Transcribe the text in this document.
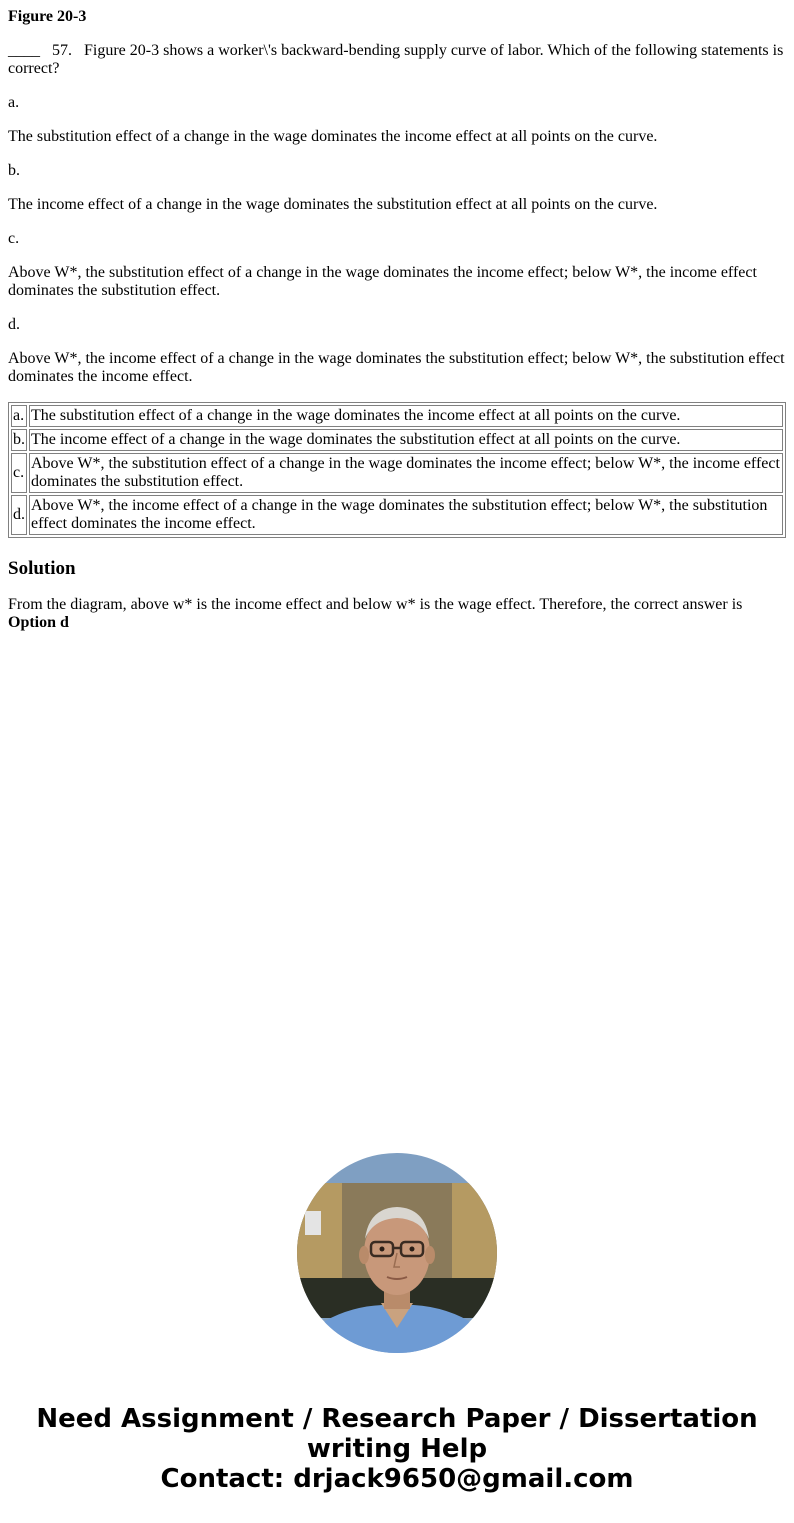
Figure 20-3

____ 57. Figure 20-3 shows a worker\'s backward-bending supply curve of labor. Which of the following statements is correct?

a.

The substitution effect of a change in the wage dominates the income effect at all points on the curve.

b.

The income effect of a change in the wage dominates the substitution effect at all points on the curve.

c.

Above W*, the substitution effect of a change in the wage dominates the income effect; below W*, the income effect dominates the substitution effect.

d.

Above W*, the income effect of a change in the wage dominates the substitution effect; below W*, the substitution effect dominates the income effect.

a.	The substitution effect of a change in the wage dominates the income effect at all points on the curve.
b.	The income effect of a change in the wage dominates the substitution effect at all points on the curve.
c.	Above W*, the substitution effect of a change in the wage dominates the income effect; below W*, the income effect dominates the substitution effect.
d.	Above W*, the income effect of a change in the wage dominates the substitution effect; below W*, the substitution effect dominates the income effect.
Solution

From the diagram, above w* is the income effect and below w* is the wage effect. Therefore, the correct answer is
Option d

Need Assignment / Research Paper / Dissertation
writing Help
Contact: drjack9650@gmail.com
